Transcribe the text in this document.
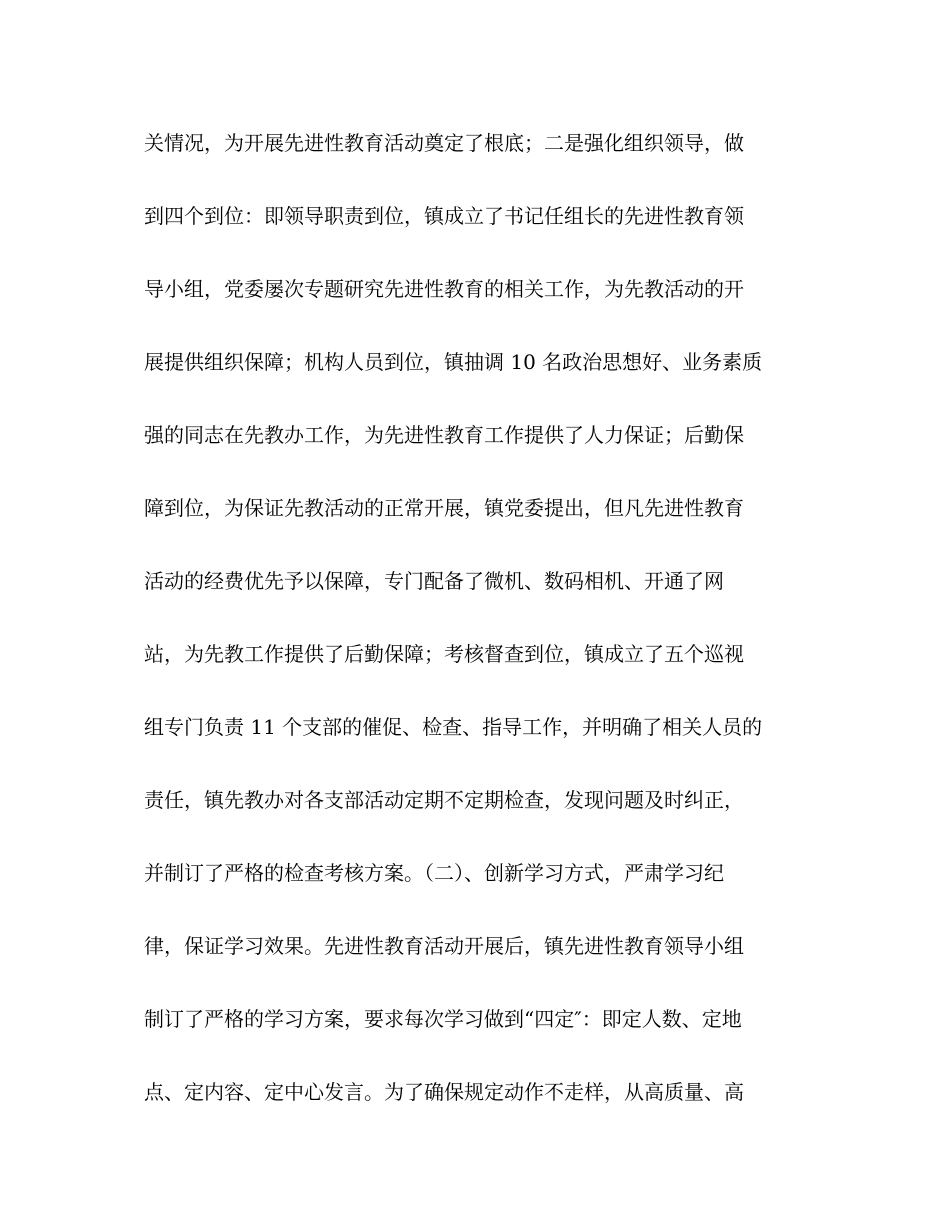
关情况，为开展先进性教育活动奠定了根底；二是强化组织领导，做
到四个到位：即领导职责到位，镇成立了书记任组长的先进性教育领
导小组，党委屡次专题研究先进性教育的相关工作，为先教活动的开
展提供组织保障；机构人员到位，镇抽调 10 名政治思想好、业务素质
强的同志在先教办工作，为先进性教育工作提供了人力保证；后勤保
障到位，为保证先教活动的正常开展，镇党委提出，但凡先进性教育
活动的经费优先予以保障，专门配备了微机、数码相机、开通了网
站，为先教工作提供了后勤保障；考核督查到位，镇成立了五个巡视
组专门负责 11 个支部的催促、检查、指导工作，并明确了相关人员的
责任，镇先教办对各支部活动定期不定期检查，发现问题及时纠正，
并制订了严格的检查考核方案。（二）、创新学习方式，严肃学习纪
律，保证学习效果。先进性教育活动开展后，镇先进性教育领导小组
制订了严格的学习方案，要求每次学习做到“四定″：即定人数、定地
点、定内容、定中心发言。为了确保规定动作不走样，从高质量、高
